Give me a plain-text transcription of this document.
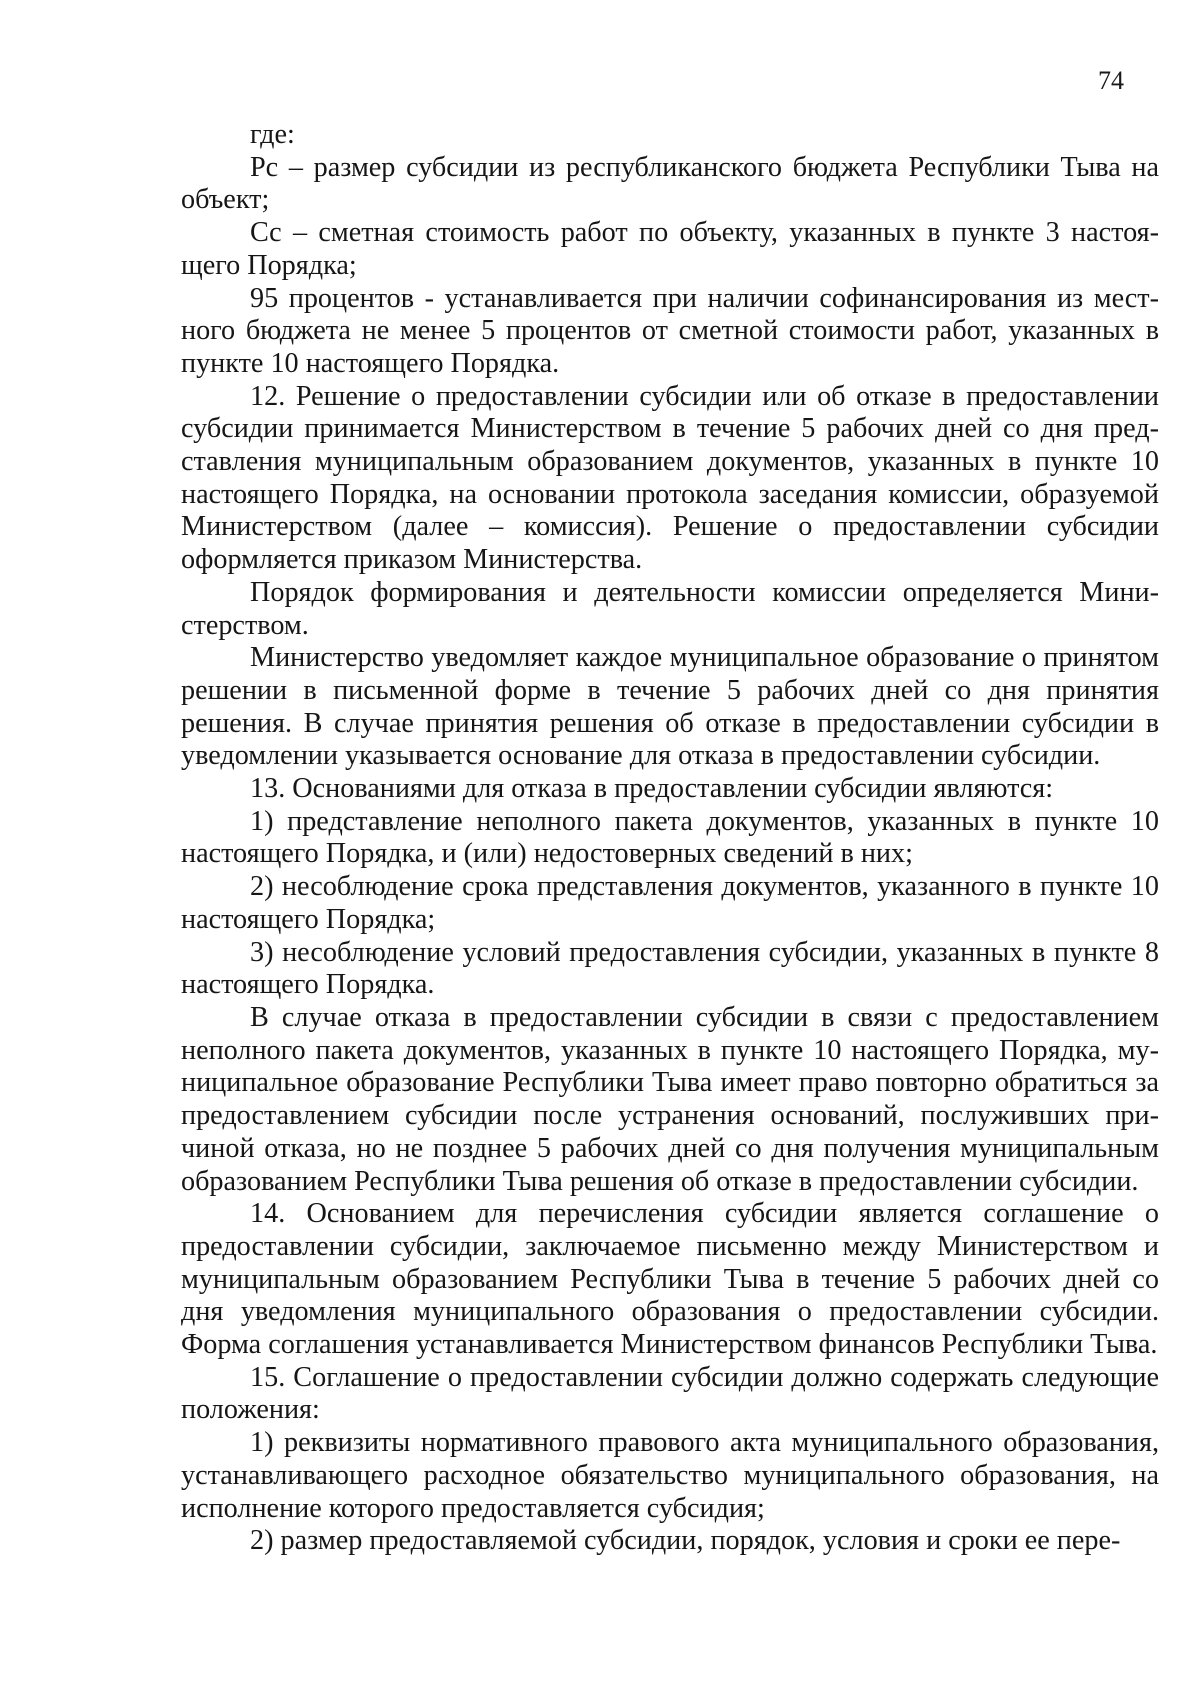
74

где:

Рс – размер субсидии из республиканского бюджета Республики Тыва на объект;

Сс – сметная стоимость работ по объекту, указанных в пункте 3 настоящего Порядка;

95 процентов - устанавливается при наличии софинансирования из местного бюджета не менее 5 процентов от сметной стоимости работ, указанных в пункте 10 настоящего Порядка.

12. Решение о предоставлении субсидии или об отказе в предоставлении субсидии принимается Министерством в течение 5 рабочих дней со дня представления муниципальным образованием документов, указанных в пункте 10 настоящего Порядка, на основании протокола заседания комиссии, образуемой Министерством (далее – комиссия). Решение о предоставлении субсидии оформляется приказом Министерства.

Порядок формирования и деятельности комиссии определяется Министерством.

Министерство уведомляет каждое муниципальное образование о принятом решении в письменной форме в течение 5 рабочих дней со дня принятия решения. В случае принятия решения об отказе в предоставлении субсидии в уведомлении указывается основание для отказа в предоставлении субсидии.

13. Основаниями для отказа в предоставлении субсидии являются:

1) представление неполного пакета документов, указанных в пункте 10 настоящего Порядка, и (или) недостоверных сведений в них;

2) несоблюдение срока представления документов, указанного в пункте 10 настоящего Порядка;

3) несоблюдение условий предоставления субсидии, указанных в пункте 8 настоящего Порядка.

В случае отказа в предоставлении субсидии в связи с предоставлением неполного пакета документов, указанных в пункте 10 настоящего Порядка, муниципальное образование Республики Тыва имеет право повторно обратиться за предоставлением субсидии после устранения оснований, послуживших причиной отказа, но не позднее 5 рабочих дней со дня получения муниципальным образованием Республики Тыва решения об отказе в предоставлении субсидии.

14. Основанием для перечисления субсидии является соглашение о предоставлении субсидии, заключаемое письменно между Министерством и муниципальным образованием Республики Тыва в течение 5 рабочих дней со дня уведомления муниципального образования о предоставлении субсидии. Форма соглашения устанавливается Министерством финансов Республики Тыва.

15. Соглашение о предоставлении субсидии должно содержать следующие положения:

1) реквизиты нормативного правового акта муниципального образования, устанавливающего расходное обязательство муниципального образования, на исполнение которого предоставляется субсидия;

2) размер предоставляемой субсидии, порядок, условия и сроки ее пере-
